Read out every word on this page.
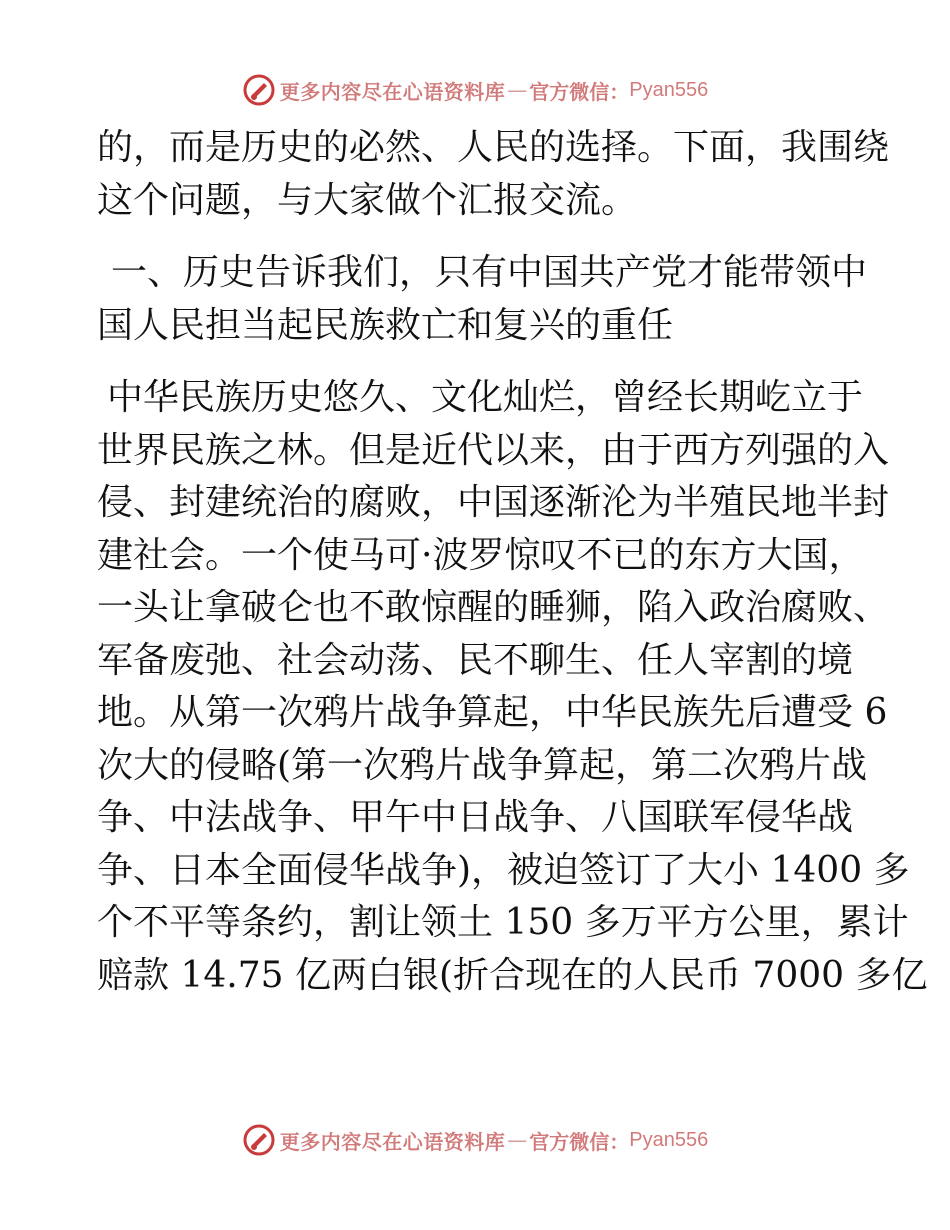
更多内容尽在心语资料库 — 官方微信： Pyan556
的，而是历史的必然、人民的选择。下面，我围绕
这个问题，与大家做个汇报交流。
一、历史告诉我们，只有中国共产党才能带领中
国人民担当起民族救亡和复兴的重任
中华民族历史悠久、文化灿烂，曾经长期屹立于
世界民族之林。但是近代以来，由于西方列强的入
侵、封建统治的腐败，中国逐渐沦为半殖民地半封
建社会。一个使马可·波罗惊叹不已的东方大国，
一头让拿破仑也不敢惊醒的睡狮，陷入政治腐败、
军备废弛、社会动荡、民不聊生、任人宰割的境
地。从第一次鸦片战争算起，中华民族先后遭受 6
次大的侵略(第一次鸦片战争算起，第二次鸦片战
争、中法战争、甲午中日战争、八国联军侵华战
争、日本全面侵华战争)，被迫签订了大小 1400 多
个不平等条约，割让领土 150 多万平方公里，累计
赔款 14.75 亿两白银(折合现在的人民币 7000 多亿
更多内容尽在心语资料库 — 官方微信： Pyan556
